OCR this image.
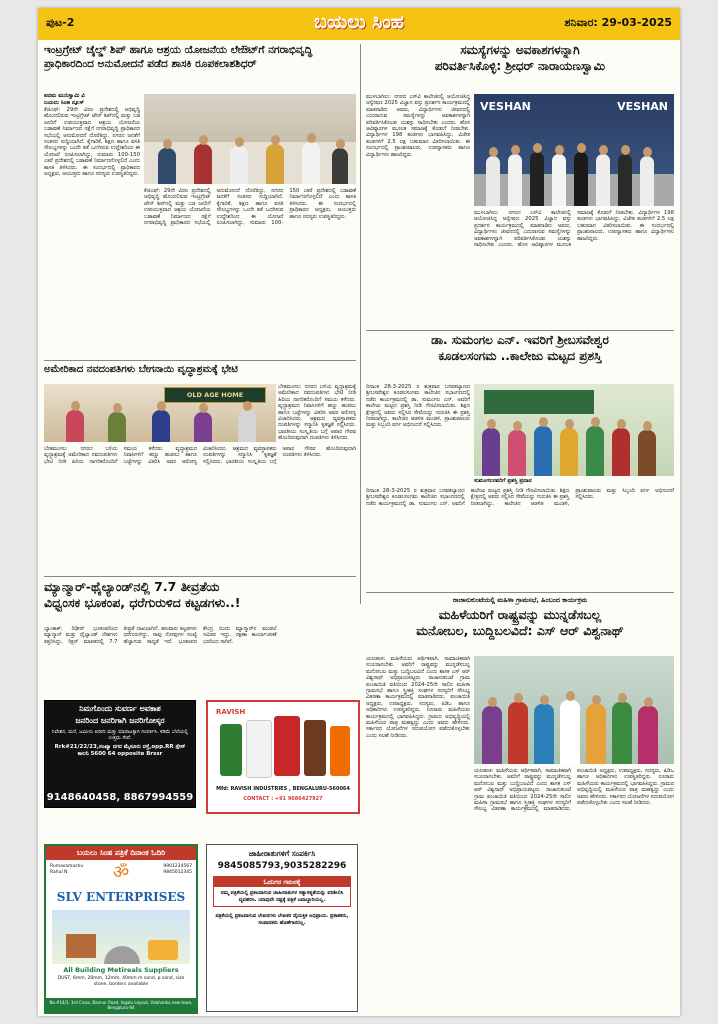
ಪುಟ-2	ಬಯಲು ಸಿಂಹ	ಶನಿವಾರ: 29-03-2025
ಇಂಟ್ರಗ್ರೇಟ್ ಚೈಲ್ಡ್ ಶಿಪ್ ಹಾಗೂ ಆಶ್ರಯ ಯೋಜನೆಯ ಲೇಔಟ್‌ಗೆ ನಗರಾಭಿವೃದ್ಧಿ
ಪ್ರಾಧಿಕಾರದಿಂದ ಅನುಮೋದನೆ ಪಡೆದ ಶಾಸಕಿ ರೂಪಕಲಾಶಶಿಧರ್
ಪದಮ ಮುನಿಸ್ವಾಮಿ ವಿ
ಬಯಲು ಸಿಂಹ ನ್ಯೂಸ್
ಕೆಜಿಎಫ್: 29ನೇ ವಿರಲ ಪ್ರದೇಶದಲ್ಲಿ ಅಭಿವೃದ್ಧಿ ಹೊಂದಲಿರುವ ಇಂಟ್ರಿಗ್ರೇಟ್ ಟೌನ್ ಶಿಪ್‌ನಲ್ಲಿ ಮತ್ತು ಬಡ ಜನರಿಗೆ ಉಪಯುಕ್ತವಾದ ಆಶ್ರಯ ಯೋಜನೆಯ ಬಡಾವಣೆ ನಿರ್ಮಾಣದ ನಕ್ಷೆಗೆ ನಗರಾಭಿವೃದ್ಧಿ ಪ್ರಾಧಿಕಾರದ ಸಭೆಯಲ್ಲಿ ಅನುಮೋದನೆ ದೊರೆತಿದ್ದು, ನಗರದ ಜನತೆಗೆ ಸಂತಸದ ಸುದ್ದಿಯಾಗಿದೆ. ಕೈಗಾರಿಕೆ, ಶಿಕ್ಷಣ ಹಾಗೂ ವಸತಿ ಸೌಲಭ್ಯಗಳನ್ನು ಒಂದೇ ಕಡೆ ಒದಗಿಸುವ ಉದ್ದೇಶದಿಂದ ಈ ಯೋಜನೆ ರೂಪಿಸಲಾಗಿದ್ದು, ಸುಮಾರು 100-150 ಎಕರೆ ಪ್ರದೇಶದಲ್ಲಿ ಬಡಾವಣೆ ನಿರ್ಮಾಣಗೊಳ್ಳಲಿದೆ ಎಂದು ಶಾಸಕಿ ತಿಳಿಸಿದರು. ಈ ಸಂದರ್ಭದಲ್ಲಿ ಪ್ರಾಧಿಕಾರದ ಅಧ್ಯಕ್ಷರು, ಆಯುಕ್ತರು ಹಾಗೂ ಸದಸ್ಯರು ಉಪಸ್ಥಿತರಿದ್ದರು.
ಕೆಜಿಎಫ್: 29ನೇ ವಿರಲ ಪ್ರದೇಶದಲ್ಲಿ ಅಭಿವೃದ್ಧಿ ಹೊಂದಲಿರುವ ಇಂಟ್ರಿಗ್ರೇಟ್ ಟೌನ್ ಶಿಪ್‌ನಲ್ಲಿ ಮತ್ತು ಬಡ ಜನರಿಗೆ ಉಪಯುಕ್ತವಾದ ಆಶ್ರಯ ಯೋಜನೆಯ ಬಡಾವಣೆ ನಿರ್ಮಾಣದ ನಕ್ಷೆಗೆ ನಗರಾಭಿವೃದ್ಧಿ ಪ್ರಾಧಿಕಾರದ ಸಭೆಯಲ್ಲಿ ಅನುಮೋದನೆ ದೊರೆತಿದ್ದು, ನಗರದ ಜನತೆಗೆ ಸಂತಸದ ಸುದ್ದಿಯಾಗಿದೆ. ಕೈಗಾರಿಕೆ, ಶಿಕ್ಷಣ ಹಾಗೂ ವಸತಿ ಸೌಲಭ್ಯಗಳನ್ನು ಒಂದೇ ಕಡೆ ಒದಗಿಸುವ ಉದ್ದೇಶದಿಂದ ಈ ಯೋಜನೆ ರೂಪಿಸಲಾಗಿದ್ದು, ಸುಮಾರು 100-150 ಎಕರೆ ಪ್ರದೇಶದಲ್ಲಿ ಬಡಾವಣೆ ನಿರ್ಮಾಣಗೊಳ್ಳಲಿದೆ ಎಂದು ಶಾಸಕಿ ತಿಳಿಸಿದರು. ಈ ಸಂದರ್ಭದಲ್ಲಿ ಪ್ರಾಧಿಕಾರದ ಅಧ್ಯಕ್ಷರು, ಆಯುಕ್ತರು ಹಾಗೂ ಸದಸ್ಯರು ಉಪಸ್ಥಿತರಿದ್ದರು.
ಅಮೇರಿಕಾದ ನವದಂಪತಿಗಳು ಬೇಗನಾಯಿ ವೃದ್ಧಾಶ್ರಮಕ್ಕೆ ಭೇಟಿ
OLD AGE HOME
ಬೇತಮಂಗಲ: ನಗರದ ಬಳಿಯ ವೃದ್ಧಾಶ್ರಮಕ್ಕೆ ಅಮೇರಿಕಾದ ನವದಂಪತಿಗಳು ಭೇಟಿ ನೀಡಿ ಹಿರಿಯ ನಾಗರಿಕರೊಂದಿಗೆ ಸಮಯ ಕಳೆದರು. ವೃದ್ಧಾಶ್ರಮದ ನಿವಾಸಿಗಳಿಗೆ ಹಣ್ಣು ಹಂಪಲು ಹಾಗೂ ಬಟ್ಟೆಗಳನ್ನು ವಿತರಿಸಿ ಅವರ ಆರೋಗ್ಯ ವಿಚಾರಿಸಿದರು. ಆಶ್ರಮದ ವ್ಯವಸ್ಥಾಪಕರು ದಂಪತಿಗಳನ್ನು ಸನ್ಮಾನಿಸಿ ಕೃತಜ್ಞತೆ ಸಲ್ಲಿಸಿದರು. ಭಾರತೀಯ ಸಂಸ್ಕೃತಿಯ ಬಗ್ಗೆ ಅಪಾರ ಗೌರವ ಹೊಂದಿರುವುದಾಗಿ ದಂಪತಿಗಳು ತಿಳಿಸಿದರು.
ಬೇತಮಂಗಲ: ನಗರದ ಬಳಿಯ ವೃದ್ಧಾಶ್ರಮಕ್ಕೆ ಅಮೇರಿಕಾದ ನವದಂಪತಿಗಳು ಭೇಟಿ ನೀಡಿ ಹಿರಿಯ ನಾಗರಿಕರೊಂದಿಗೆ ಸಮಯ ಕಳೆದರು. ವೃದ್ಧಾಶ್ರಮದ ನಿವಾಸಿಗಳಿಗೆ ಹಣ್ಣು ಹಂಪಲು ಹಾಗೂ ಬಟ್ಟೆಗಳನ್ನು ವಿತರಿಸಿ ಅವರ ಆರೋಗ್ಯ ವಿಚಾರಿಸಿದರು. ಆಶ್ರಮದ ವ್ಯವಸ್ಥಾಪಕರು ದಂಪತಿಗಳನ್ನು ಸನ್ಮಾನಿಸಿ ಕೃತಜ್ಞತೆ ಸಲ್ಲಿಸಿದರು. ಭಾರತೀಯ ಸಂಸ್ಕೃತಿಯ ಬಗ್ಗೆ ಅಪಾರ ಗೌರವ ಹೊಂದಿರುವುದಾಗಿ ದಂಪತಿಗಳು ತಿಳಿಸಿದರು.
ಮ್ಯಾನ್ಮಾರ್-ಥೈಲ್ಯಾಂಡ್‌ನಲ್ಲಿ 7.7 ತೀವ್ರತೆಯ
ವಿಧ್ವಂಸಕ ಭೂಕಂಪ, ಧರೆಗುರುಳಿದ ಕಟ್ಟಡಗಳು..!
ಬ್ಯಾಂಕಾಕ್: ದಿಢೀರ್ ಭೂಕಂಪದಿಂದ ಮ್ಯಾನ್ಮಾರ್ ಮತ್ತು ಥೈಲ್ಯಾಂಡ್ ದೇಶಗಳು ತತ್ತರಿಸಿದ್ದು, ರಿಕ್ಟರ್ ಮಾಪಕದಲ್ಲಿ 7.7 ತೀವ್ರತೆ ದಾಖಲಾಗಿದೆ. ಹಲವಾರು ಕಟ್ಟಡಗಳು ಧರೆಗುರುಳಿದ್ದು, ಸಾವು ನೋವುಗಳ ಸಂಖ್ಯೆ ಹೆಚ್ಚಾಗುವ ಸಾಧ್ಯತೆ ಇದೆ. ಭೂಕಂಪದ ಕೇಂದ್ರ ಬಿಂದು ಮ್ಯಾನ್ಮಾರ್‌ನ ಮಂಡಲೆ ಸಮೀಪ ಇದ್ದು, ರಕ್ಷಣಾ ಕಾರ್ಯಾಚರಣೆ ಭರದಿಂದ ಸಾಗಿದೆ.
ನಿಮಗೊಂದು ಸುವರ್ಣ ಅವಕಾಶ
ಜನರಿಂದ ಜನರಿಗಾಗಿ ಜನರಿಗೋಸ್ಕರ
ನಿವೇಶನ, ಮನೆ, ಜಮೀನು ಖರೀದಿ ಮತ್ತು ಮಾರಾಟಕ್ಕಾಗಿ ಸಂಪರ್ಕಿಸಿ. ಕಡಿಮೆ ಬೆಲೆಯಲ್ಲಿ ಉತ್ತಮ ಸೇವೆ.
Rrk#21/22/23,ಸಂಖ್ಯಾ ನಗರ ಮೈಸೂರು ರಸ್ತೆ,opp.RR ಸ್ಪೇಸ್ ಕಾಲನಿ 5600 64 opposite Brssr
9148640458, 8867994559
RAVISH
Mfd: RAVISH INDUSTRIES , BENGALURU-560064
CONTACT : +91 9686427927
ಬಯಲು ಸಿಂಹ ಪತ್ರಿಕೆ ದಿನಾಂಕ ಓದಿರಿ
Rumasamashu Rahul N	ॐ	9901234567 9845012345
SLV ENTERPRISES
All Building Metireals Suppliers
DUST, 6mm, 20mm, 12mm, 40mm m sand, p sand, size stone, borders available
No.#14/3, 3rd Cross, Bannur Road, Ingalu Layout, Yelahanka new town, Bengaluru-64
ಜಾಹೀರಾತುಗಳಿಗೆ ಸಂಪರ್ಕಿಸಿ
9845085793,9035282296
ಓದುಗರ ಗಮನಕ್ಕೆ
ನಮ್ಮ ಪತ್ರಿಕೆಯಲ್ಲಿ ಪ್ರಕಟವಾಗುವ ಜಾಹೀರಾತುಗಳ ಸತ್ಯಾಸತ್ಯತೆಯನ್ನು ಪರಿಶೀಲಿಸಿ ವ್ಯವಹರಿಸಿ. ಯಾವುದೇ ನಷ್ಟಕ್ಕೆ ಪತ್ರಿಕೆ ಜವಾಬ್ದಾರಿಯಲ್ಲ.
ಪತ್ರಿಕೆಯಲ್ಲಿ ಪ್ರಕಟವಾಗುವ ಲೇಖನಗಳು ಲೇಖಕರ ವೈಯಕ್ತಿಕ ಅಭಿಪ್ರಾಯ. ಪ್ರಕಾಶಕರು, ಸಂಪಾದಕರು ಹೊಣೆಗಾರರಲ್ಲ.
ಸಮಸ್ಯೆಗಳನ್ನು ಅವಕಾಶಗಳನ್ನಾಗಿ
ಪರಿವರ್ತಿಸಿಕೊಳ್ಳಿ: ಶ್ರೀಧರ್ ನಾರಾಯಣಸ್ವಾಮಿ
ಮುಳಬಾಗಿಲು: ನಗರದ ಎಸ್‌ವಿ ಕಾಲೇಜಿನಲ್ಲಿ ಆಯೋಜಿಸಿದ್ದ ಅನ್ವೇಷಣ 2025 ವಿಜ್ಞಾನ ವಸ್ತು ಪ್ರದರ್ಶನ ಕಾರ್ಯಕ್ರಮದಲ್ಲಿ ಮಾತನಾಡಿದ ಅವರು, ವಿದ್ಯಾರ್ಥಿಗಳು ಜೀವನದಲ್ಲಿ ಎದುರಾಗುವ ಸಮಸ್ಯೆಗಳನ್ನು ಅವಕಾಶಗಳನ್ನಾಗಿ ಪರಿವರ್ತಿಸಿಕೊಂಡು ಯಶಸ್ಸು ಸಾಧಿಸಬೇಕು ಎಂದರು. ಹೊಸ ಆವಿಷ್ಕಾರಗಳ ಮೂಲಕ ಸಮಾಜಕ್ಕೆ ಕೊಡುಗೆ ನೀಡಬೇಕು. ವಿದ್ಯಾರ್ಥಿಗಳ 198 ತಂಡಗಳು ಭಾಗವಹಿಸಿದ್ದು, ವಿಜೇತ ತಂಡಗಳಿಗೆ 2.5 ಲಕ್ಷ ಬಹುಮಾನ ವಿತರಿಸಲಾಯಿತು. ಈ ಸಂದರ್ಭದಲ್ಲಿ ಪ್ರಾಂಶುಪಾಲರು, ಉಪನ್ಯಾಸಕರು ಹಾಗೂ ವಿದ್ಯಾರ್ಥಿಗಳು ಹಾಜರಿದ್ದರು.
VESHAN	VESHAN
ಮುಳಬಾಗಿಲು: ನಗರದ ಎಸ್‌ವಿ ಕಾಲೇಜಿನಲ್ಲಿ ಆಯೋಜಿಸಿದ್ದ ಅನ್ವೇಷಣ 2025 ವಿಜ್ಞಾನ ವಸ್ತು ಪ್ರದರ್ಶನ ಕಾರ್ಯಕ್ರಮದಲ್ಲಿ ಮಾತನಾಡಿದ ಅವರು, ವಿದ್ಯಾರ್ಥಿಗಳು ಜೀವನದಲ್ಲಿ ಎದುರಾಗುವ ಸಮಸ್ಯೆಗಳನ್ನು ಅವಕಾಶಗಳನ್ನಾಗಿ ಪರಿವರ್ತಿಸಿಕೊಂಡು ಯಶಸ್ಸು ಸಾಧಿಸಬೇಕು ಎಂದರು. ಹೊಸ ಆವಿಷ್ಕಾರಗಳ ಮೂಲಕ ಸಮಾಜಕ್ಕೆ ಕೊಡುಗೆ ನೀಡಬೇಕು. ವಿದ್ಯಾರ್ಥಿಗಳ 198 ತಂಡಗಳು ಭಾಗವಹಿಸಿದ್ದು, ವಿಜೇತ ತಂಡಗಳಿಗೆ 2.5 ಲಕ್ಷ ಬಹುಮಾನ ವಿತರಿಸಲಾಯಿತು. ಈ ಸಂದರ್ಭದಲ್ಲಿ ಪ್ರಾಂಶುಪಾಲರು, ಉಪನ್ಯಾಸಕರು ಹಾಗೂ ವಿದ್ಯಾರ್ಥಿಗಳು ಹಾಜರಿದ್ದರು.
ಡಾ. ಸುಮಂಗಲ ಎನ್. ಇವರಿಗೆ ಶ್ರೀಬಸವೇಶ್ವರ
ಕೂಡಲಸಂಗಮ ..ಕಾಲೇಜು ಮಟ್ಟದ ಪ್ರಶಸ್ತಿ
ದಿನಾಂಕ 28-3-2025 ರ ಶುಕ್ರವಾರ ಬಸವಕಲ್ಯಾಣದ ಶ್ರೀಬಸವೇಶ್ವರ ಕೂಡಲಸಂಗಮ ಕಾಲೇಜಿನ ಸಭಾಂಗಣದಲ್ಲಿ ನಡೆದ ಕಾರ್ಯಕ್ರಮದಲ್ಲಿ ಡಾ. ಸುಮಂಗಲ ಎನ್. ಅವರಿಗೆ ಕಾಲೇಜು ಮಟ್ಟದ ಪ್ರಶಸ್ತಿ ನೀಡಿ ಗೌರವಿಸಲಾಯಿತು. ಶಿಕ್ಷಣ ಕ್ಷೇತ್ರದಲ್ಲಿ ಅವರು ಸಲ್ಲಿಸಿದ ಸೇವೆಯನ್ನು ಗುರುತಿಸಿ ಈ ಪ್ರಶಸ್ತಿ ನೀಡಲಾಗಿದ್ದು, ಕಾಲೇಜಿನ ಆಡಳಿತ ಮಂಡಳಿ, ಪ್ರಾಂಶುಪಾಲರು ಮತ್ತು ಸಿಬ್ಬಂದಿ ವರ್ಗ ಅಭಿನಂದನೆ ಸಲ್ಲಿಸಿದರು.
ಸುಮಂಗಲರವರಿಗೆ ಪ್ರಶಸ್ತಿ ಪ್ರದಾನ
ದಿನಾಂಕ 28-3-2025 ರ ಶುಕ್ರವಾರ ಬಸವಕಲ್ಯಾಣದ ಶ್ರೀಬಸವೇಶ್ವರ ಕೂಡಲಸಂಗಮ ಕಾಲೇಜಿನ ಸಭಾಂಗಣದಲ್ಲಿ ನಡೆದ ಕಾರ್ಯಕ್ರಮದಲ್ಲಿ ಡಾ. ಸುಮಂಗಲ ಎನ್. ಅವರಿಗೆ ಕಾಲೇಜು ಮಟ್ಟದ ಪ್ರಶಸ್ತಿ ನೀಡಿ ಗೌರವಿಸಲಾಯಿತು. ಶಿಕ್ಷಣ ಕ್ಷೇತ್ರದಲ್ಲಿ ಅವರು ಸಲ್ಲಿಸಿದ ಸೇವೆಯನ್ನು ಗುರುತಿಸಿ ಈ ಪ್ರಶಸ್ತಿ ನೀಡಲಾಗಿದ್ದು, ಕಾಲೇಜಿನ ಆಡಳಿತ ಮಂಡಳಿ, ಪ್ರಾಂಶುಪಾಲರು ಮತ್ತು ಸಿಬ್ಬಂದಿ ವರ್ಗ ಅಭಿನಂದನೆ ಸಲ್ಲಿಸಿದರು.
ರಾಜಾನುಕುಂಟೆಯಲ್ಲಿ ಮಹಿಳಾ ಗ್ರಾಮಸಭೆ, ಹಿಂಬಂದ ಕಾರ್ಯಕ್ರಮ
ಮಹಿಳೆಯರಿಗೆ ರಾಷ್ಟ್ರವನ್ನು ಮುನ್ನಡೆಸಬಲ್ಲ
ಮನೋಬಲ, ಬುದ್ದಿಬಲವಿದೆ: ಎಸ್ ಆರ್ ವಿಶ್ವನಾಥ್
ಯಲಹಂಕ: ಮಹಿಳೆಯರು ಆರ್ಥಿಕವಾಗಿ, ಸಾಮಾಜಿಕವಾಗಿ ಸಬಲರಾಗಬೇಕು. ಅವರಿಗೆ ರಾಷ್ಟ್ರವನ್ನು ಮುನ್ನಡೆಸಬಲ್ಲ ಮನೋಬಲ ಮತ್ತು ಬುದ್ದಿಬಲವಿದೆ ಎಂದು ಶಾಸಕ ಎಸ್ ಆರ್ ವಿಶ್ವನಾಥ್ ಅಭಿಪ್ರಾಯಪಟ್ಟರು. ರಾಜಾನುಕುಂಟೆ ಗ್ರಾಮ ಪಂಚಾಯಿತಿ ವತಿಯಿಂದ 2024-25ನೇ ಸಾಲಿನ ಮಹಿಳಾ ಗ್ರಾಮಸಭೆ ಹಾಗೂ ಸ್ತ್ರೀಶಕ್ತಿ ಸಂಘಗಳ ಸದಸ್ಯರಿಗೆ ಸೌಲಭ್ಯ ವಿತರಣಾ ಕಾರ್ಯಕ್ರಮದಲ್ಲಿ ಮಾತನಾಡಿದರು. ಪಂಚಾಯಿತಿ ಅಧ್ಯಕ್ಷರು, ಉಪಾಧ್ಯಕ್ಷರು, ಸದಸ್ಯರು, ಪಿಡಿಒ ಹಾಗೂ ಅಧಿಕಾರಿಗಳು ಉಪಸ್ಥಿತರಿದ್ದರು. ನೂರಾರು ಮಹಿಳೆಯರು ಕಾರ್ಯಕ್ರಮದಲ್ಲಿ ಭಾಗವಹಿಸಿದ್ದರು. ಗ್ರಾಮದ ಅಭಿವೃದ್ಧಿಯಲ್ಲಿ ಮಹಿಳೆಯರ ಪಾತ್ರ ಮಹತ್ವದ್ದು ಎಂದು ಅವರು ಹೇಳಿದರು. ಸರ್ಕಾರದ ಯೋಜನೆಗಳ ಸದುಪಯೋಗ ಪಡೆದುಕೊಳ್ಳಬೇಕು ಎಂದು ಸಲಹೆ ನೀಡಿದರು.
ಯಲಹಂಕ: ಮಹಿಳೆಯರು ಆರ್ಥಿಕವಾಗಿ, ಸಾಮಾಜಿಕವಾಗಿ ಸಬಲರಾಗಬೇಕು. ಅವರಿಗೆ ರಾಷ್ಟ್ರವನ್ನು ಮುನ್ನಡೆಸಬಲ್ಲ ಮನೋಬಲ ಮತ್ತು ಬುದ್ದಿಬಲವಿದೆ ಎಂದು ಶಾಸಕ ಎಸ್ ಆರ್ ವಿಶ್ವನಾಥ್ ಅಭಿಪ್ರಾಯಪಟ್ಟರು. ರಾಜಾನುಕುಂಟೆ ಗ್ರಾಮ ಪಂಚಾಯಿತಿ ವತಿಯಿಂದ 2024-25ನೇ ಸಾಲಿನ ಮಹಿಳಾ ಗ್ರಾಮಸಭೆ ಹಾಗೂ ಸ್ತ್ರೀಶಕ್ತಿ ಸಂಘಗಳ ಸದಸ್ಯರಿಗೆ ಸೌಲಭ್ಯ ವಿತರಣಾ ಕಾರ್ಯಕ್ರಮದಲ್ಲಿ ಮಾತನಾಡಿದರು. ಪಂಚಾಯಿತಿ ಅಧ್ಯಕ್ಷರು, ಉಪಾಧ್ಯಕ್ಷರು, ಸದಸ್ಯರು, ಪಿಡಿಒ ಹಾಗೂ ಅಧಿಕಾರಿಗಳು ಉಪಸ್ಥಿತರಿದ್ದರು. ನೂರಾರು ಮಹಿಳೆಯರು ಕಾರ್ಯಕ್ರಮದಲ್ಲಿ ಭಾಗವಹಿಸಿದ್ದರು. ಗ್ರಾಮದ ಅಭಿವೃದ್ಧಿಯಲ್ಲಿ ಮಹಿಳೆಯರ ಪಾತ್ರ ಮಹತ್ವದ್ದು ಎಂದು ಅವರು ಹೇಳಿದರು. ಸರ್ಕಾರದ ಯೋಜನೆಗಳ ಸದುಪಯೋಗ ಪಡೆದುಕೊಳ್ಳಬೇಕು ಎಂದು ಸಲಹೆ ನೀಡಿದರು.
